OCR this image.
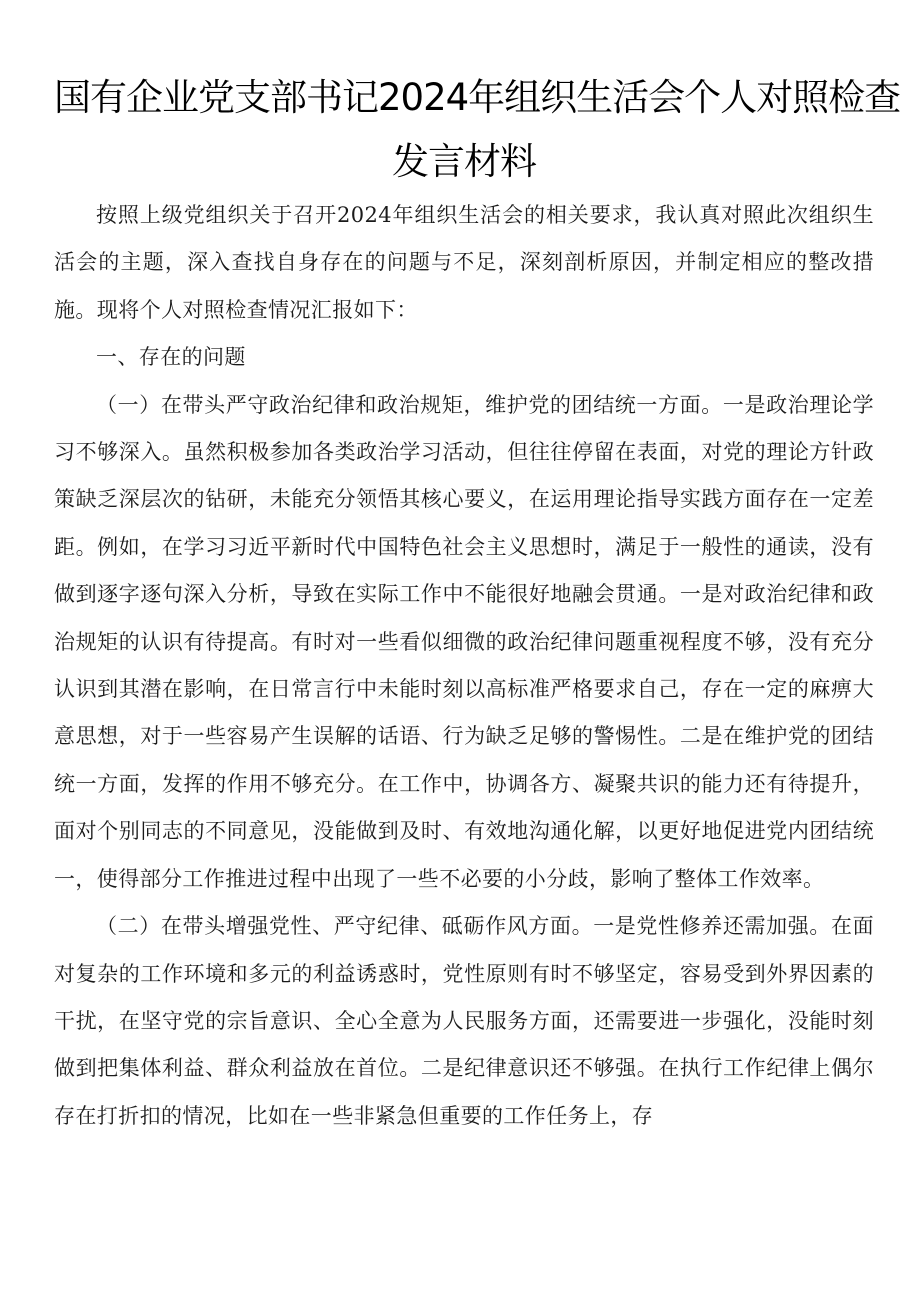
国有企业党支部书记2024年组织生活会个人对照检查
发言材料

按照上级党组织关于召开2024年组织生活会的相关要求，我认真对照此次组织生活会的主题，深入查找自身存在的问题与不足，深刻剖析原因，并制定相应的整改措施。现将个人对照检查情况汇报如下：

一、存在的问题

（一）在带头严守政治纪律和政治规矩，维护党的团结统一方面。一是政治理论学习不够深入。虽然积极参加各类政治学习活动，但往往停留在表面，对党的理论方针政策缺乏深层次的钻研，未能充分领悟其核心要义，在运用理论指导实践方面存在一定差距。例如，在学习习近平新时代中国特色社会主义思想时，满足于一般性的通读，没有做到逐字逐句深入分析，导致在实际工作中不能很好地融会贯通。一是对政治纪律和政治规矩的认识有待提高。有时对一些看似细微的政治纪律问题重视程度不够，没有充分认识到其潜在影响，在日常言行中未能时刻以高标准严格要求自己，存在一定的麻痹大意思想，对于一些容易产生误解的话语、行为缺乏足够的警惕性。二是在维护党的团结统一方面，发挥的作用不够充分。在工作中，协调各方、凝聚共识的能力还有待提升，面对个别同志的不同意见，没能做到及时、有效地沟通化解，以更好地促进党内团结统一，使得部分工作推进过程中出现了一些不必要的小分歧，影响了整体工作效率。

（二）在带头增强党性、严守纪律、砥砺作风方面。一是党性修养还需加强。在面对复杂的工作环境和多元的利益诱惑时，党性原则有时不够坚定，容易受到外界因素的干扰，在坚守党的宗旨意识、全心全意为人民服务方面，还需要进一步强化，没能时刻做到把集体利益、群众利益放在首位。二是纪律意识还不够强。在执行工作纪律上偶尔存在打折扣的情况，比如在一些非紧急但重要的工作任务上，存
